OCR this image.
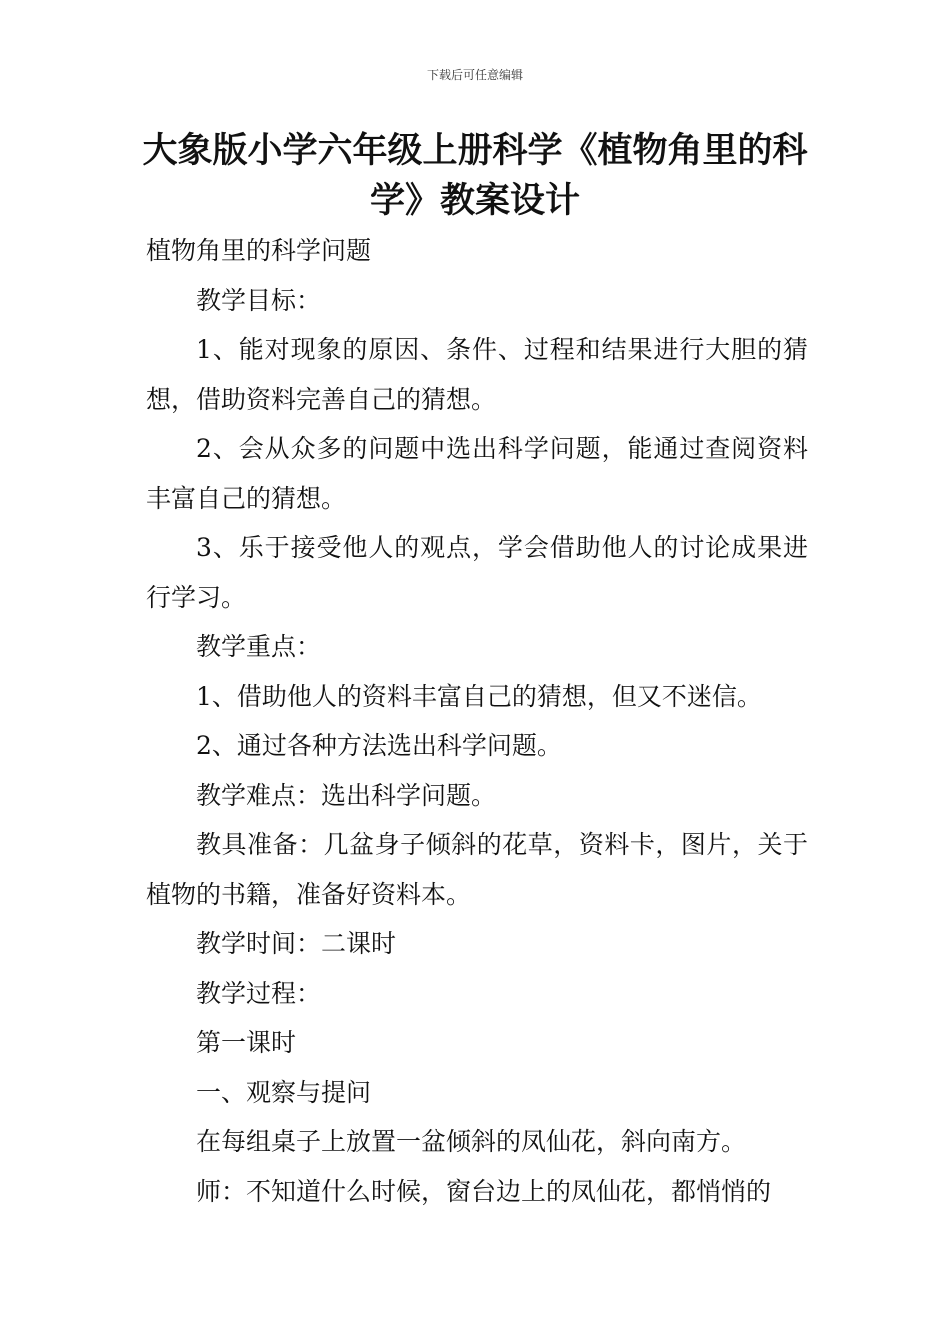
下载后可任意编辑
大象版小学六年级上册科学《植物角里的科学》教案设计

植物角里的科学问题

教学目标：

1、能对现象的原因、条件、过程和结果进行大胆的猜想，借助资料完善自己的猜想。

2、会从众多的问题中选出科学问题，能通过查阅资料丰富自己的猜想。

3、乐于接受他人的观点，学会借助他人的讨论成果进行学习。

教学重点：

1、借助他人的资料丰富自己的猜想，但又不迷信。

2、通过各种方法选出科学问题。

教学难点：选出科学问题。

教具准备：几盆身子倾斜的花草，资料卡，图片，关于植物的书籍，准备好资料本。

教学时间：二课时

教学过程：

第一课时

一、观察与提问

在每组桌子上放置一盆倾斜的凤仙花，斜向南方。

师：不知道什么时候，窗台边上的凤仙花，都悄悄的
